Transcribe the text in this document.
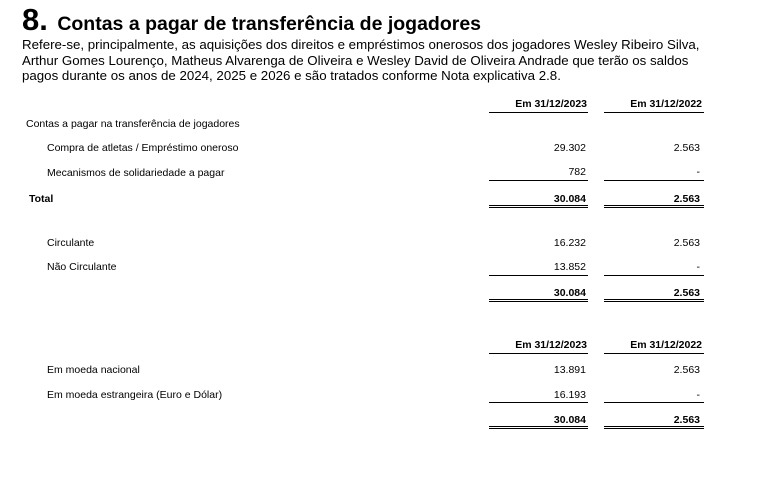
8. Contas a pagar de transferência de jogadores
Refere-se, principalmente, as aquisições dos direitos e empréstimos onerosos dos jogadores Wesley Ribeiro Silva, Arthur Gomes Lourenço, Matheus Alvarenga de Oliveira e Wesley David de Oliveira Andrade que terão os saldos pagos durante os anos de 2024, 2025 e 2026 e são tratados conforme Nota explicativa 2.8.
Em 31/12/2023	Em 31/12/2022
Contas a pagar na transferência de jogadores
Compra de atletas / Empréstimo oneroso	29.302	2.563
Mecanismos de solidariedade a pagar	782	-
Total	30.084	2.563
Circulante	16.232	2.563
Não Circulante	13.852	-
30.084	2.563
Em 31/12/2023	Em 31/12/2022
Em moeda nacional	13.891	2.563
Em moeda estrangeira (Euro e Dólar)	16.193	-
30.084	2.563
